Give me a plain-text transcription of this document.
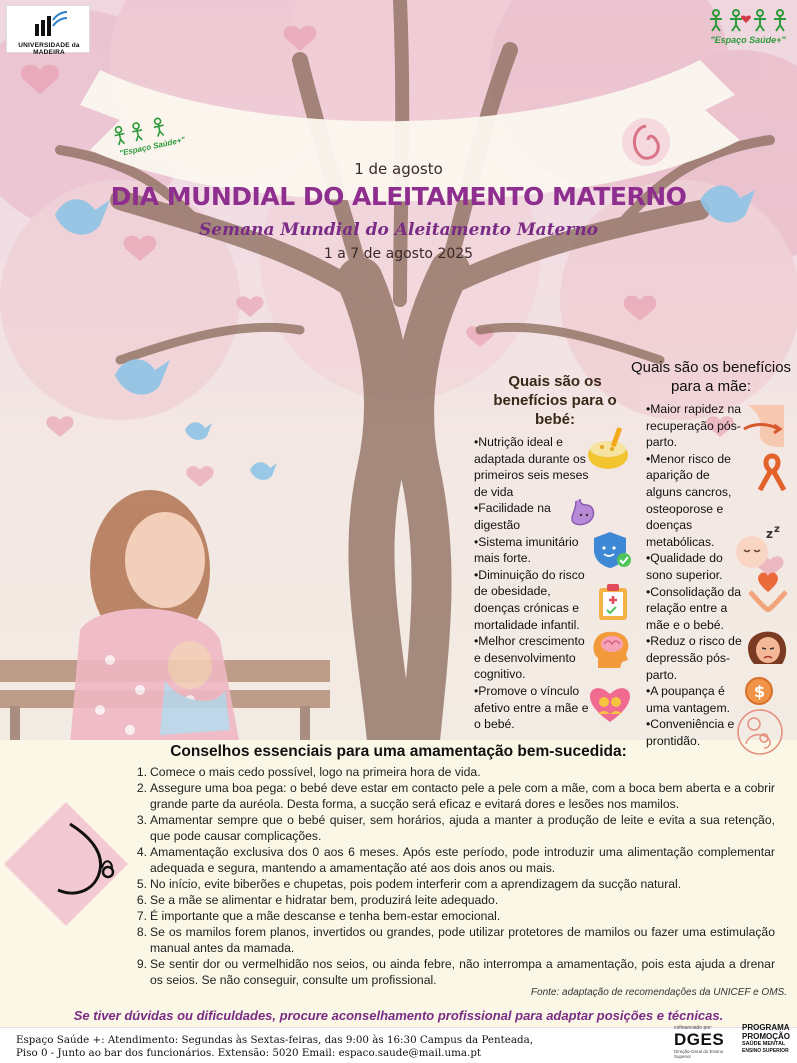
UNIVERSIDADE da MADEIRA
"Espaço Saúde+"
"Espaço Saúde+"
1 de agosto
DIA MUNDIAL DO ALEITAMENTO MATERNO
Semana Mundial do Aleitamento Materno
1 a 7 de agosto 2025
Quais são os benefícios para o bebé:
•Nutrição ideal e adaptada durante os primeiros seis meses de vida
•Facilidade na digestão
•Sistema imunitário mais forte.
•Diminuição do risco de obesidade, doenças crónicas e mortalidade infantil.
•Melhor crescimento e desenvolvimento cognitivo.
•Promove o vínculo afetivo entre a mãe e o bebé.
Quais são os benefícios para a mãe:
•Maior rapidez na recuperação pós-parto.
•Menor risco de aparição de alguns cancros, osteoporose e doenças metabólicas.
•Qualidade do sono superior.
•Consolidação da relação entre a mãe e o bebé.
•Reduz o risco de depressão pós-parto.
•A poupança é uma vantagem.
•Conveniência e prontidão.
z z
$
Conselhos essenciais para uma amamentação bem-sucedida:
1. Comece o mais cedo possível, logo na primeira hora de vida.
2. Assegure uma boa pega: o bebé deve estar em contacto pele a pele com a mãe, com a boca bem aberta e a cobrir grande parte da auréola. Desta forma, a sucção será eficaz e evitará dores e lesões nos mamilos.
3. Amamentar sempre que o bebé quiser, sem horários, ajuda a manter a produção de leite e evita a sua retenção, que pode causar complicações.
4. Amamentação exclusiva dos 0 aos 6 meses. Após este período, pode introduzir uma alimentação complementar adequada e segura, mantendo a amamentação até aos dois anos ou mais.
5. No início, evite biberões e chupetas, pois podem interferir com a aprendizagem da sucção natural.
6. Se a mãe se alimentar e hidratar bem, produzirá leite adequado.
7. É importante que a mãe descanse e tenha bem-estar emocional.
8. Se os mamilos forem planos, invertidos ou grandes, pode utilizar protetores de mamilos ou fazer uma estimulação manual antes da mamada.
9. Se sentir dor ou vermelhidão nos seios, ou ainda febre, não interrompa a amamentação, pois esta ajuda a drenar os seios. Se não conseguir, consulte um profissional.
Fonte: adaptação de recomendações da UNICEF e OMS.
Se tiver dúvidas ou dificuldades, procure aconselhamento profissional para adaptar posições e técnicas.
Espaço Saúde +: Atendimento: Segundas às Sextas-feiras, das 9:00 às 16:30 Campus da Penteada,
Piso 0 - Junto ao bar dos funcionários. Extensão: 5020 Email: espaco.saude@mail.uma.pt
cofinanciado por:
DGES
Direção-Geral do Ensino Superior
PROGRAMA
PROMOÇÃO
SAÚDE MENTAL
ENSINO SUPERIOR
